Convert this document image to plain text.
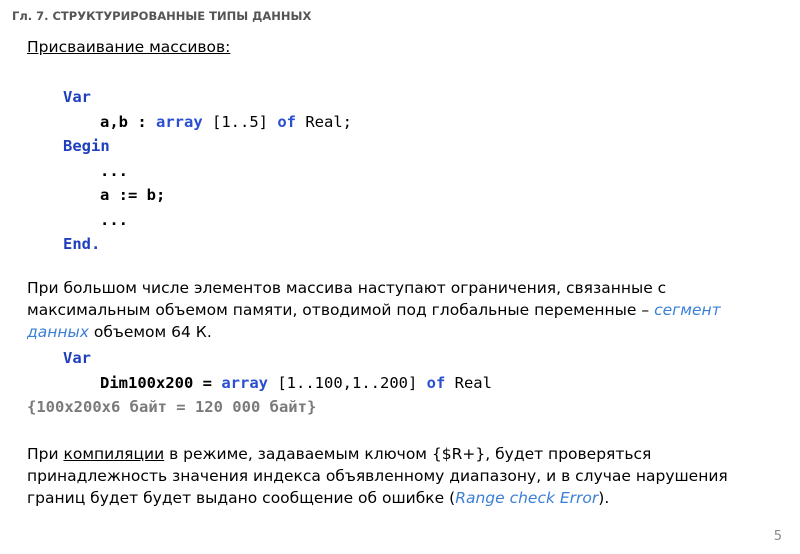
Гл. 7. СТРУКТУРИРОВАННЫЕ ТИПЫ ДАННЫХ
Присваивание массивов:
Var
a,b : array [1..5] of Real;
Begin
...
a := b;
...
End.
При большом числе элементов массива наступают ограничения, связанные с
максимальным объемом памяти, отводимой под глобальные переменные – сегмент
данных объемом 64 К.
Var
Dim100x200 = array [1..100,1..200] of Real
{100x200x6 байт = 120 000 байт}
При компиляции в режиме, задаваемым ключом {$R+}, будет проверяться
принадлежность значения индекса объявленному диапазону, и в случае нарушения
границ будет будет выдано сообщение об ошибке (Range check Error).
5
